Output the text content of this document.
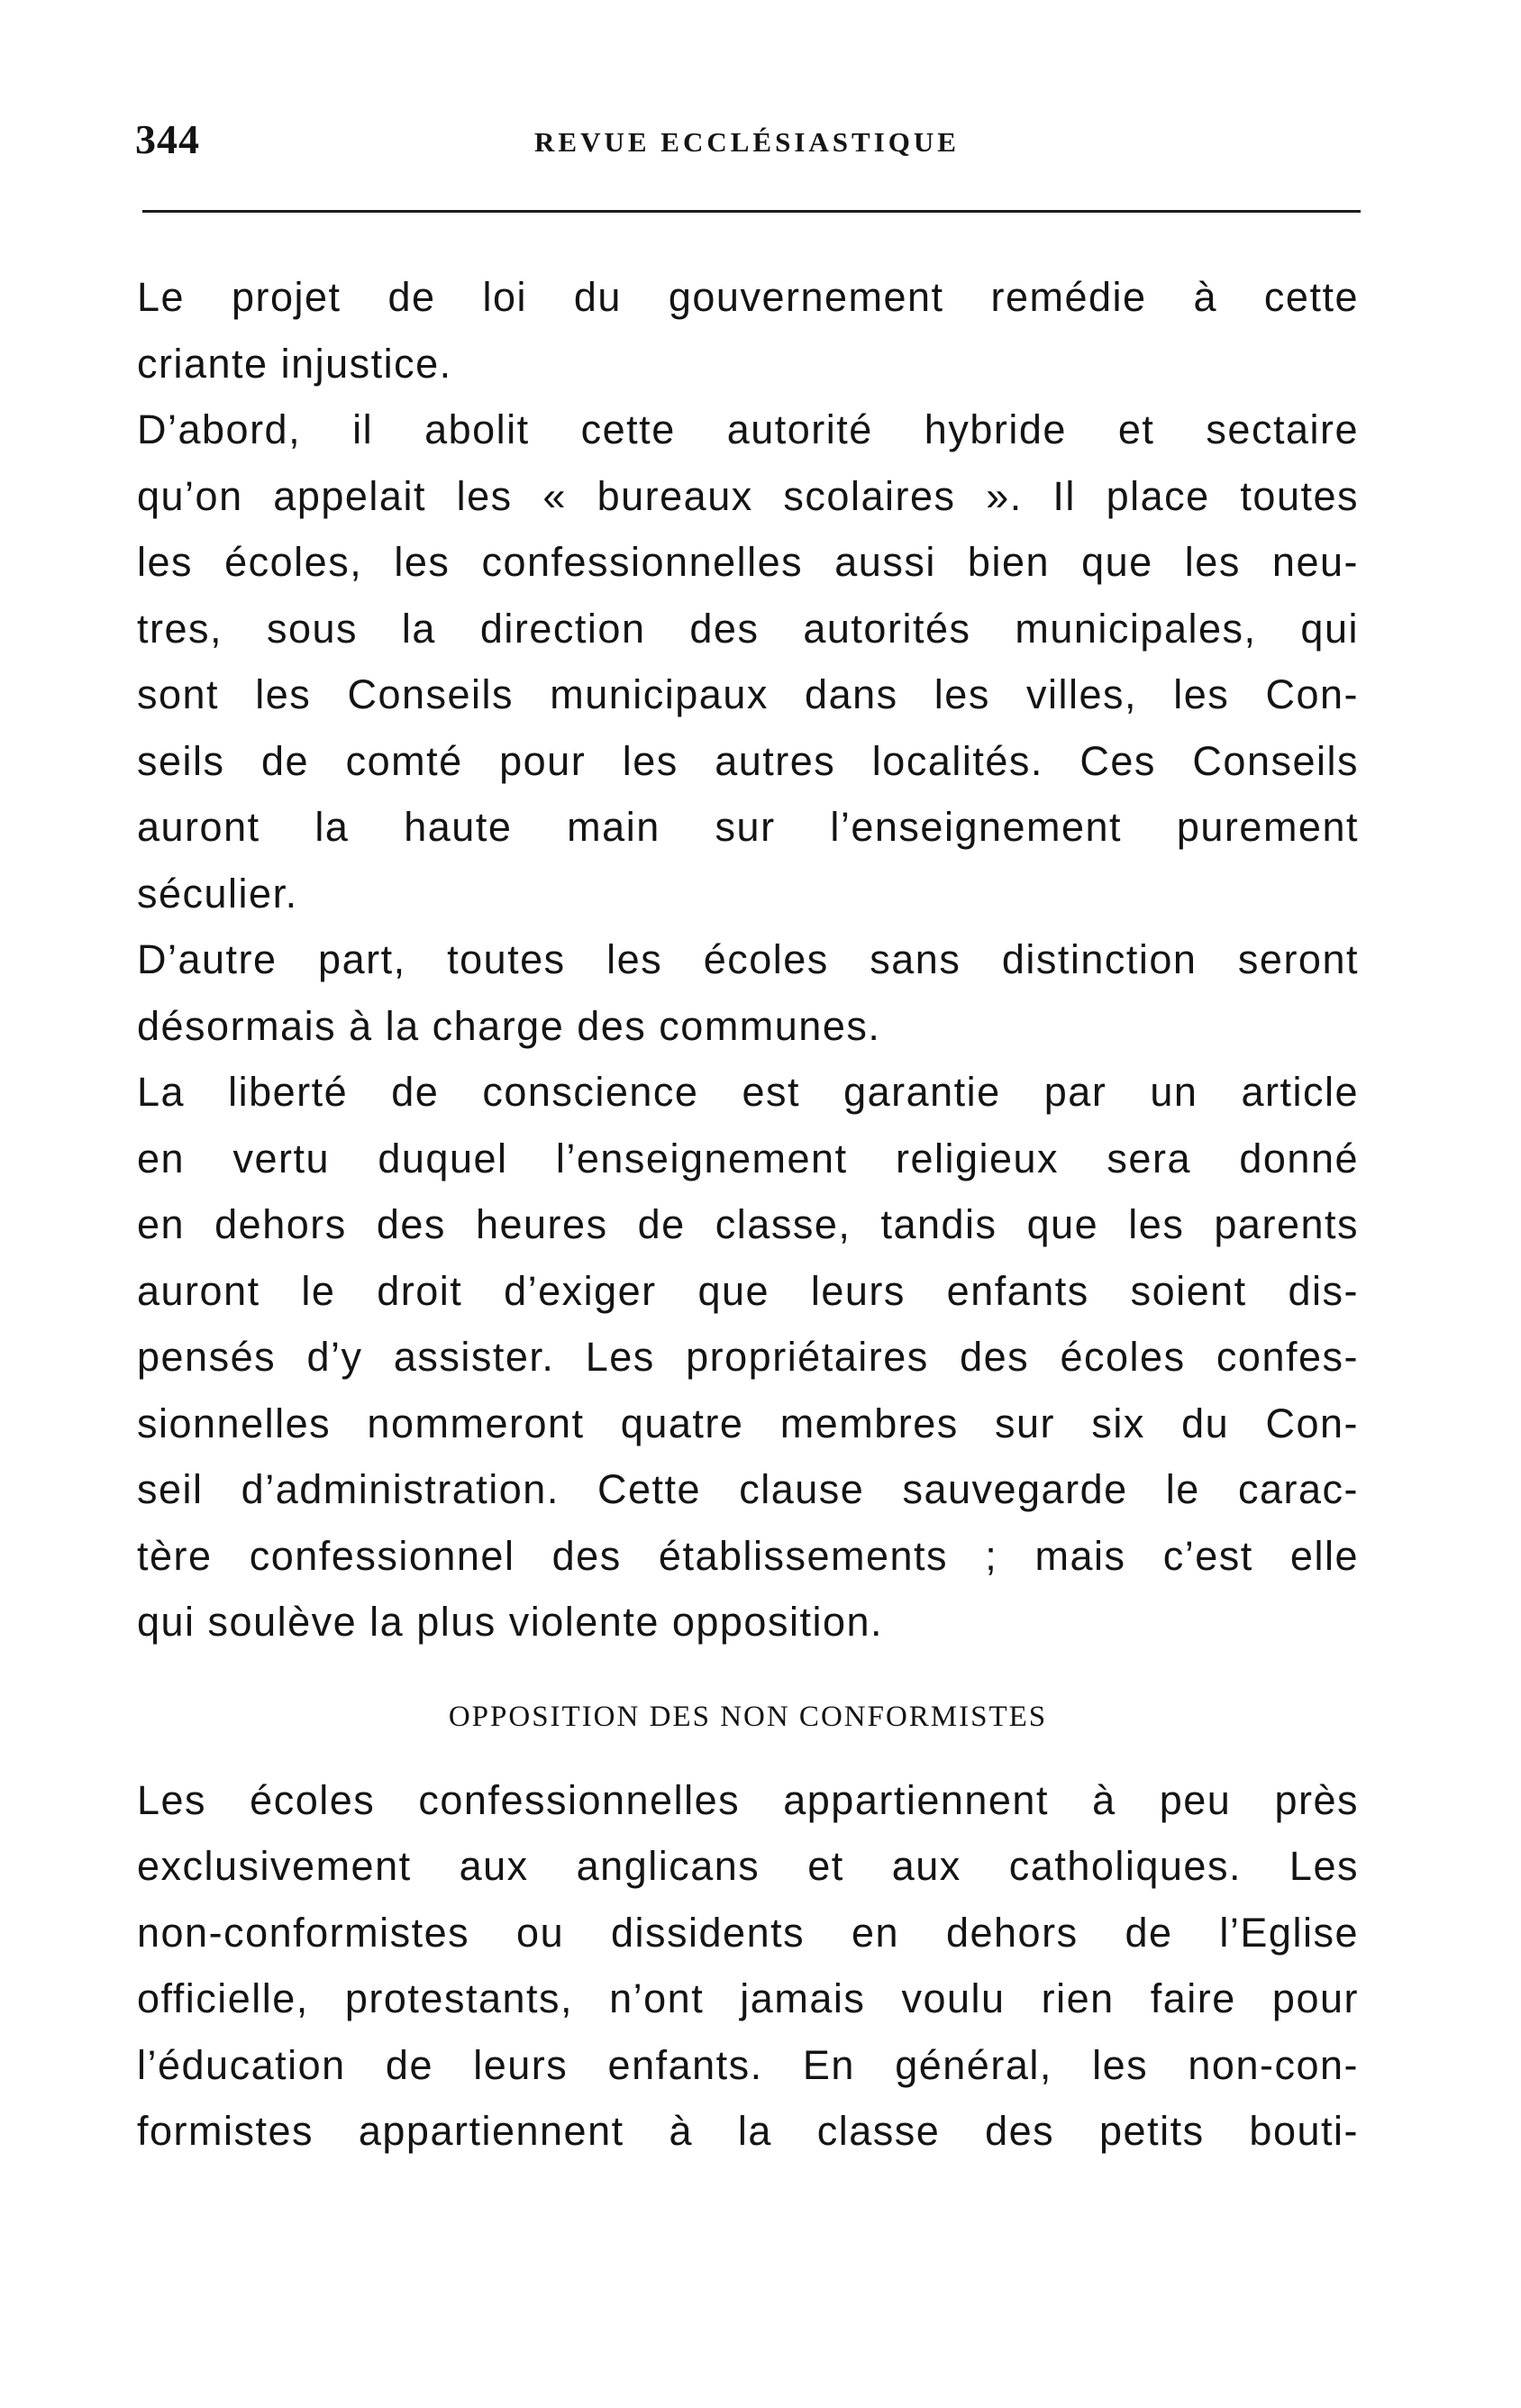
344	REVUE ECCLÉSIASTIQUE
Le projet de loi du gouvernement remédie à cette
criante injustice.
D’abord, il abolit cette autorité hybride et sectaire
qu’on appelait les « bureaux scolaires ». Il place toutes
les écoles, les confessionnelles aussi bien que les neu-
tres, sous la direction des autorités municipales, qui
sont les Conseils municipaux dans les villes, les Con-
seils de comté pour les autres localités. Ces Conseils
auront la haute main sur l’enseignement purement
séculier.
D’autre part, toutes les écoles sans distinction seront
désormais à la charge des communes.
La liberté de conscience est garantie par un article
en vertu duquel l’enseignement religieux sera donné
en dehors des heures de classe, tandis que les parents
auront le droit d’exiger que leurs enfants soient dis-
pensés d’y assister. Les propriétaires des écoles confes-
sionnelles nommeront quatre membres sur six du Con-
seil d’administration. Cette clause sauvegarde le carac-
tère confessionnel des établissements ; mais c’est elle
qui soulève la plus violente opposition.
OPPOSITION DES NON CONFORMISTES
Les écoles confessionnelles appartiennent à peu près
exclusivement aux anglicans et aux catholiques. Les
non-conformistes ou dissidents en dehors de l’Eglise
officielle, protestants, n’ont jamais voulu rien faire pour
l’éducation de leurs enfants. En général, les non-con-
formistes appartiennent à la classe des petits bouti-
